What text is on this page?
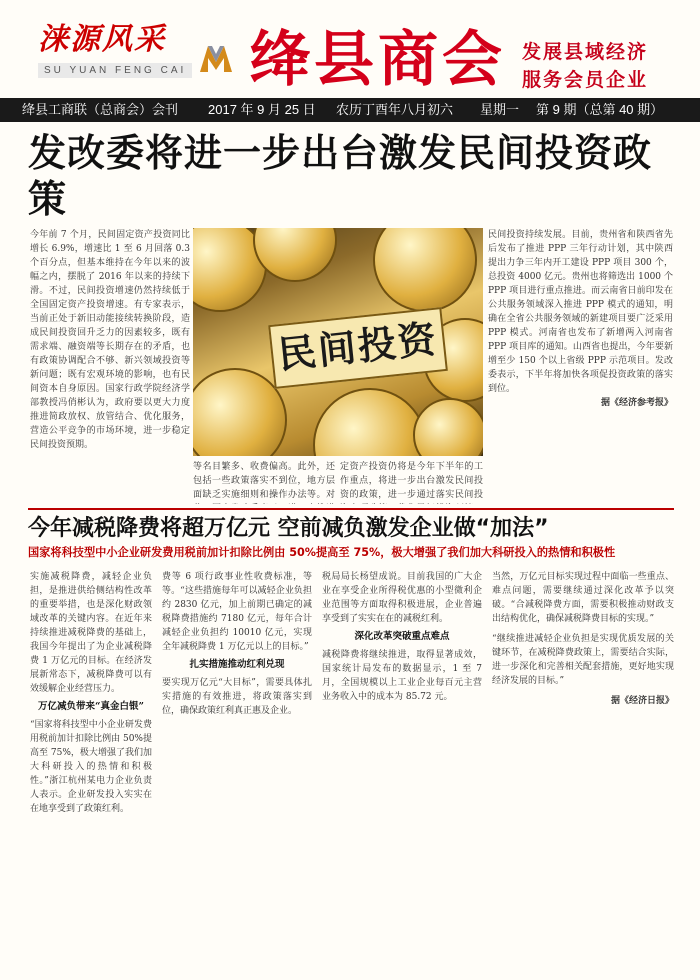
涞源风采
SU YUAN FENG CAI 绛县商会 发展县域经济
服务会员企业
绛县工商联（总商会）会刊 2017 年 9 月 25 日 农历丁酉年八月初六 星期一 第 9 期（总第 40 期）
发改委将进一步出台激发民间投资政策
今年前 7 个月，民间固定资产投资同比增长 6.9%，增速比 1 至 6 月回落 0.3 个百分点，但基本维持在今年以来的波幅之内，摆脱了 2016 年以来的持续下滑。不过，民间投资增速仍然持续低于全国固定资产投资增速。有专家表示，当前正处于新旧动能接续转换阶段，造成民间投资回升乏力的因素较多，既有需求端、融资端等长期存在的矛盾，也有政策协调配合不够、新兴领域投资等新问题；既有宏观环境的影响，也有民间资本自身原因。国家行政学院经济学部教授冯俏彬认为，政府要以更大力度推进简政放权、放管结合、优化服务，营造公平竞争的市场环境，进一步稳定民间投资预期。
民间投资
等名目繁多、收费偏高。此外，还包括一些政策落实不到位，地方层面缺乏实施细则和操作办法等。对
定资产投资仍将是今年下半年的工作重点，将进一步出台激发民间投资的政策，进一步通过落实民间投
民间投资持续发展。目前，贵州省和陕西省先后发布了推进 PPP 三年行动计划，其中陕西提出力争三年内开工建设 PPP 项目 300 个，总投资 4000 亿元。贵州也将筛选出 1000 个 PPP 项目进行重点推进。而云南省日前印发在公共服务领域深入推进 PPP 模式的通知，明确在全省公共服务领域的新建项目要广泛采用 PPP 模式。河南省也发布了新增两入河南省 PPP 项目库的通知。山西省也提出，今年要新增至少 150 个以上省级 PPP 示范项目。发改委表示，下半年将加快各项促投资政策的落实到位。
据《经济参考报》
今年减税降费将超万亿元 空前减负激发企业做“加法”
国家将科技型中小企业研发费用税前加计扣除比例由 50%提高至 75%，极大增强了我们加大科研投入的热情和积极性
实施减税降费，减轻企业负担，是推进供给侧结构性改革的重要举措，也是深化财政领域改革的关键内容。在近年来持续推进减税降费的基础上，我国今年提出了为企业减税降费 1 万亿元的目标。在经济发展新常态下，减税降费可以有效缓解企业经营压力。
万亿减负带来“真金白银”
“国家将科技型中小企业研发费用税前加计扣除比例由 50%提高至 75%，极大增强了我们加大科研投入的热情和积极性。”浙江杭州某电力企业负责人表示。企业研发投入实实在在地享受到了政策红利。
费等 6 项行政事业性收费标准，等等。“这些措施每年可以减轻企业负担约 2830 亿元，加上前期已确定的减税降费措施约 7180 亿元，每年合计减轻企业负担约 10010 亿元，实现全年减税降费 1 万亿元以上的目标。”
扎实措施推动红利兑现
要实现万亿元“大目标”，需要具体扎实措施的有效推进，将政策落实到位，确保政策红利真正惠及企业。
税局局长杨望成说。目前我国的广大企业在享受企业所得税优惠的小型微利企业范围等方面取得积极进展，企业普遍享受到了实实在在的减税红利。
深化改革突破重点难点
减税降费将继续推进，取得显著成效，国家统计局发布的数据显示，1 至 7 月，全国规模以上工业企业每百元主营业务收入中的成本为 85.72 元。
当然，万亿元目标实现过程中面临一些重点、难点问题，需要继续通过深化改革予以突破。“合减税降费方面，需要积极推动财政支出结构优化，确保减税降费目标的实现。”
“继续推进减轻企业负担是实现优质发展的关键环节，在减税降费政策上，需要结合实际，进一步深化和完善相关配套措施，更好地实现经济发展的目标。”
据《经济日报》
